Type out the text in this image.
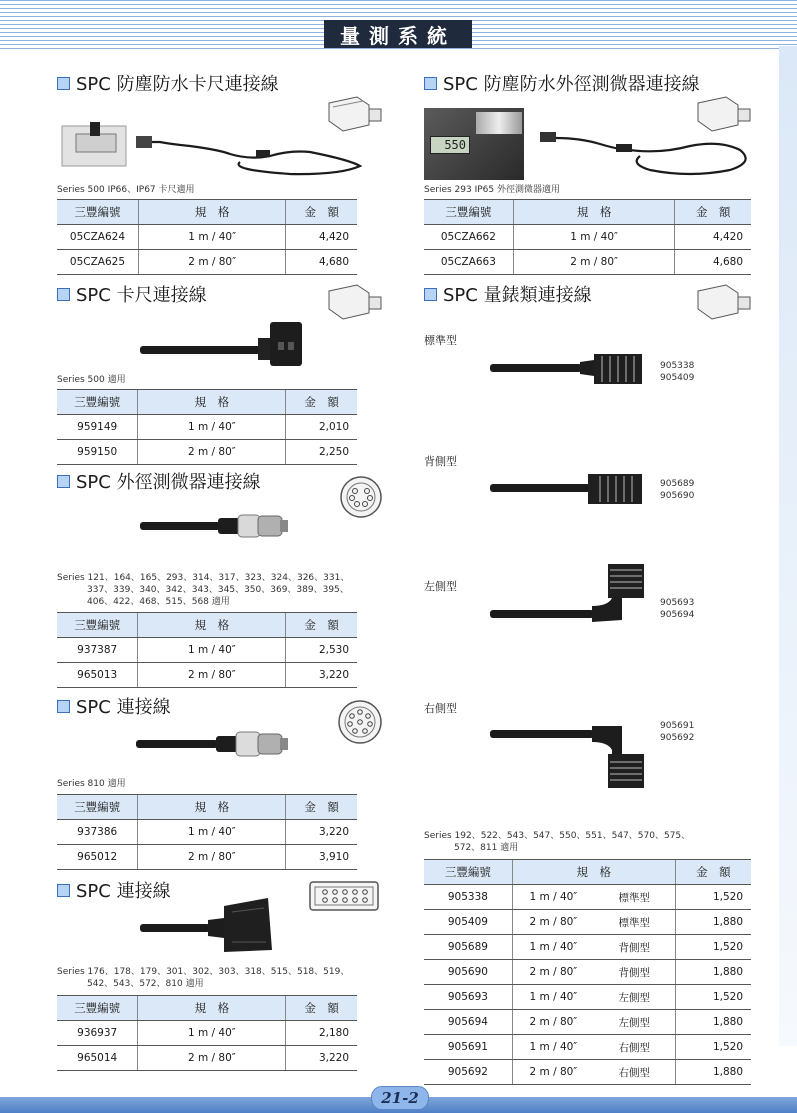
量測系統
SPC 防塵防水卡尺連接線
Series 500 IP66、IP67 卡尺適用
三豐編號	規　格	金　額
05CZA624	1 m / 40″	4,420
05CZA625	2 m / 80″	4,680
SPC 卡尺連接線
Series 500 適用
三豐編號	規　格	金　額
959149	1 m / 40″	2,010
959150	2 m / 80″	2,250
SPC 外徑測微器連接線
Series 121、164、165、293、314、317、323、324、326、331、
337、339、340、342、343、345、350、369、389、395、
406、422、468、515、568 適用
三豐編號	規　格	金　額
937387	1 m / 40″	2,530
965013	2 m / 80″	3,220
SPC 連接線
Series 810 適用
三豐編號	規　格	金　額
937386	1 m / 40″	3,220
965012	2 m / 80″	3,910
SPC 連接線
Series 176、178、179、301、302、303、318、515、518、519、
542、543、572、810 適用
三豐編號	規　格	金　額
936937	1 m / 40″	2,180
965014	2 m / 80″	3,220
SPC 防塵防水外徑測微器連接線
550
Series 293 IP65 外徑測微器適用
三豐編號	規　格	金　額
05CZA662	1 m / 40″	4,420
05CZA663	2 m / 80″	4,680
SPC 量錶類連接線
標準型
905338
905409
背側型
905689
905690
左側型
905693
905694
右側型
905691
905692
Series 192、522、543、547、550、551、547、570、575、
572、811 適用
三豐編號	規　格		金　額
905338	1 m / 40″	標準型	1,520
905409	2 m / 80″	標準型	1,880
905689	1 m / 40″	背側型	1,520
905690	2 m / 80″	背側型	1,880
905693	1 m / 40″	左側型	1,520
905694	2 m / 80″	左側型	1,880
905691	1 m / 40″	右側型	1,520
905692	2 m / 80″	右側型	1,880
21-2
